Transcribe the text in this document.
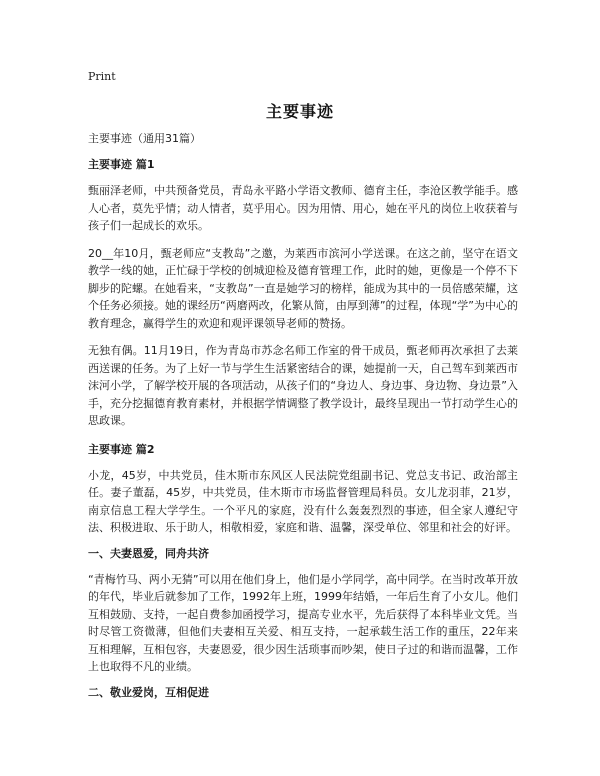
Print
主要事迹
主要事迹（通用31篇）
主要事迹 篇1

甄丽泽老师，中共预备党员，青岛永平路小学语文教师、德育主任，李沧区教学能手。感人心者，莫先乎情；动人情者，莫乎用心。因为用情、用心，她在平凡的岗位上收获着与孩子们一起成长的欢乐。

20__年10月，甄老师应“支教岛”之邀，为莱西市滨河小学送课。在这之前，坚守在语文教学一线的她，正忙碌于学校的创城迎检及德育管理工作，此时的她，更像是一个停不下脚步的陀螺。在她看来，“支教岛”一直是她学习的榜样，能成为其中的一员倍感荣耀，这个任务必须接。她的课经历“两磨两改，化繁从简，由厚到薄”的过程，体现“学”为中心的教育理念，赢得学生的欢迎和观评课领导老师的赞扬。

无独有偶。11月19日，作为青岛市苏念名师工作室的骨干成员，甄老师再次承担了去莱西送课的任务。为了上好一节与学生生活紧密结合的课，她提前一天，自己驾车到莱西市沫河小学，了解学校开展的各项活动，从孩子们的“身边人、身边事、身边物、身边景”入手，充分挖掘德育教育素材，并根据学情调整了教学设计，最终呈现出一节打动学生心的思政课。

主要事迹 篇2

小龙，45岁，中共党员，佳木斯市东风区人民法院党组副书记、党总支书记、政治部主任。妻子董磊，45岁，中共党员，佳木斯市市场监督管理局科员。女儿龙羽菲，21岁，南京信息工程大学学生。一个平凡的家庭，没有什么轰轰烈烈的事迹，但全家人遵纪守法、积极进取、乐于助人，相敬相爱，家庭和谐、温馨，深受单位、邻里和社会的好评。

一、夫妻恩爱，同舟共济

“青梅竹马、两小无猜”可以用在他们身上，他们是小学同学，高中同学。在当时改革开放的年代，毕业后就参加了工作，1992年上班，1999年结婚，一年后生育了小女儿。他们互相鼓励、支持，一起自费参加函授学习，提高专业水平，先后获得了本科毕业文凭。当时尽管工资微薄，但他们夫妻相互关爱、相互支持，一起承载生活工作的重压，22年来互相理解，互相包容，夫妻恩爱，很少因生活琐事而吵架，使日子过的和谐而温馨，工作上也取得不凡的业绩。

二、敬业爱岗，互相促进
